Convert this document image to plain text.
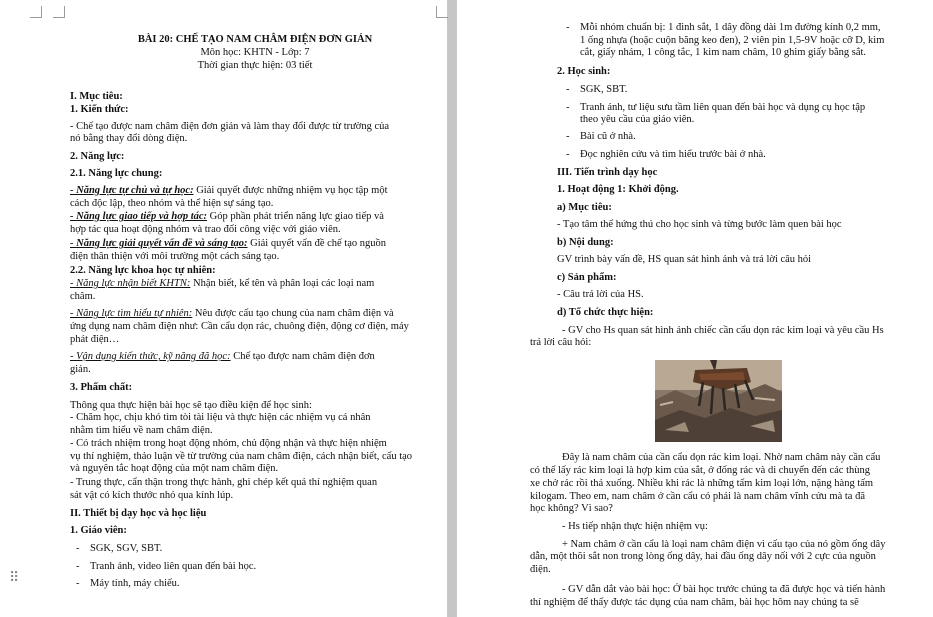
⠿
BÀI 20: CHẾ TẠO NAM CHÂM ĐIỆN ĐƠN GIẢN
Môn học: KHTN - Lớp: 7
Thời gian thực hiện: 03 tiết
I. Mục tiêu:
1. Kiến thức:
- Chế tạo được nam châm điện đơn giản và làm thay đổi được từ trường của
nó bằng thay đổi dòng điện.
2. Năng lực:
2.1. Năng lực chung:
- Năng lực tự chủ và tự học: Giải quyết được những nhiệm vụ học tập một
cách độc lập, theo nhóm và thể hiện sự sáng tạo.
- Năng lực giao tiếp và hợp tác: Góp phần phát triển năng lực giao tiếp và
hợp tác qua hoạt động nhóm và trao đổi công việc với giáo viên.
- Năng lực giải quyết vấn đề và sáng tạo: Giải quyết vấn đề chế tạo nguồn
điện thân thiện với môi trường một cách sáng tạo.
2.2. Năng lực khoa học tự nhiên:
- Năng lực nhận biết KHTN: Nhận biết, kể tên và phân loại các loại nam
châm.
- Năng lực tìm hiểu tự nhiên: Nêu được cấu tạo chung của nam châm điện và
ứng dụng nam châm điện như: Cần cẩu dọn rác, chuông điện, động cơ điện, máy
phát điện…
- Vận dụng kiến thức, kỹ năng đã học: Chế tạo được nam châm điện đơn
giản.
3. Phẩm chất:
Thông qua thực hiện bài học sẽ tạo điều kiện để học sinh:
- Chăm học, chịu khó tìm tòi tài liệu và thực hiện các nhiệm vụ cá nhân
nhằm tìm hiểu về nam châm điện.
- Có trách nhiệm trong hoạt động nhóm, chủ động nhận và thực hiện nhiệm
vụ thí nghiệm, thảo luận về từ trường của nam châm điện, cách nhận biết, cấu tạo
và nguyên tắc hoạt động của một nam châm điện.
- Trung thực, cẩn thận trong thực hành, ghi chép kết quả thí nghiệm quan
sát vật có kích thước nhỏ qua kính lúp.
II. Thiết bị dạy học và học liệu
1. Giáo viên:
- SGK, SGV, SBT.
- Tranh ảnh, video liên quan đến bài học.
- Máy tính, máy chiếu.
- Mỗi nhóm chuẩn bị: 1 đinh sắt, 1 dây đồng dài 1m đường kính 0,2 mm,
1 ống nhựa (hoặc cuộn băng keo đen), 2 viên pin 1,5-9V hoặc cỡ D, kìm
cắt, giấy nhám, 1 công tắc, 1 kim nam châm, 10 ghim giấy bằng sắt.
2. Học sinh:
- SGK, SBT.
- Tranh ảnh, tư liệu sưu tầm liên quan đến bài học và dụng cụ học tập
theo yêu cầu của giáo viên.
- Bài cũ ở nhà.
- Đọc nghiên cứu và tìm hiểu trước bài ở nhà.
III. Tiến trình dạy học
1. Hoạt động 1: Khởi động.
a) Mục tiêu:
- Tạo tâm thế hứng thú cho học sinh và từng bước làm quen bài học
b) Nội dung:
GV trình bày vấn đề, HS quan sát hình ảnh và trả lời câu hỏi
c) Sản phẩm:
- Câu trả lời của HS.
d) Tổ chức thực hiện:
- GV cho Hs quan sát hình ảnh chiếc cần cẩu dọn rác kim loại và yêu cầu Hs
trả lời câu hỏi:
Đây là nam châm của cần cẩu dọn rác kim loại. Nhờ nam châm này cần cẩu
có thể lấy rác kim loại là hợp kim của sắt, ở đống rác và di chuyển đến các thùng
xe chở rác rồi thả xuống. Nhiều khi rác là những tấm kim loại lớn, nặng hàng tấm
kilogam. Theo em, nam châm ở cần cẩu có phải là nam châm vĩnh cửu mà ta đã
học không? Vì sao?
- Hs tiếp nhận thực hiện nhiệm vụ:
+ Nam châm ở cần cẩu là loại nam châm điện vì cấu tạo của nó gồm ống dây
dẫn, một thõi sắt non trong lòng ống dây, hai đầu ống dây nối với 2 cực của nguồn
điện.
- GV dẫn dắt vào bài học: Ở bài học trước chúng ta đã được học và tiến hành
thí nghiệm để thấy được tác dụng của nam châm, bài học hôm nay chúng ta sẽ
